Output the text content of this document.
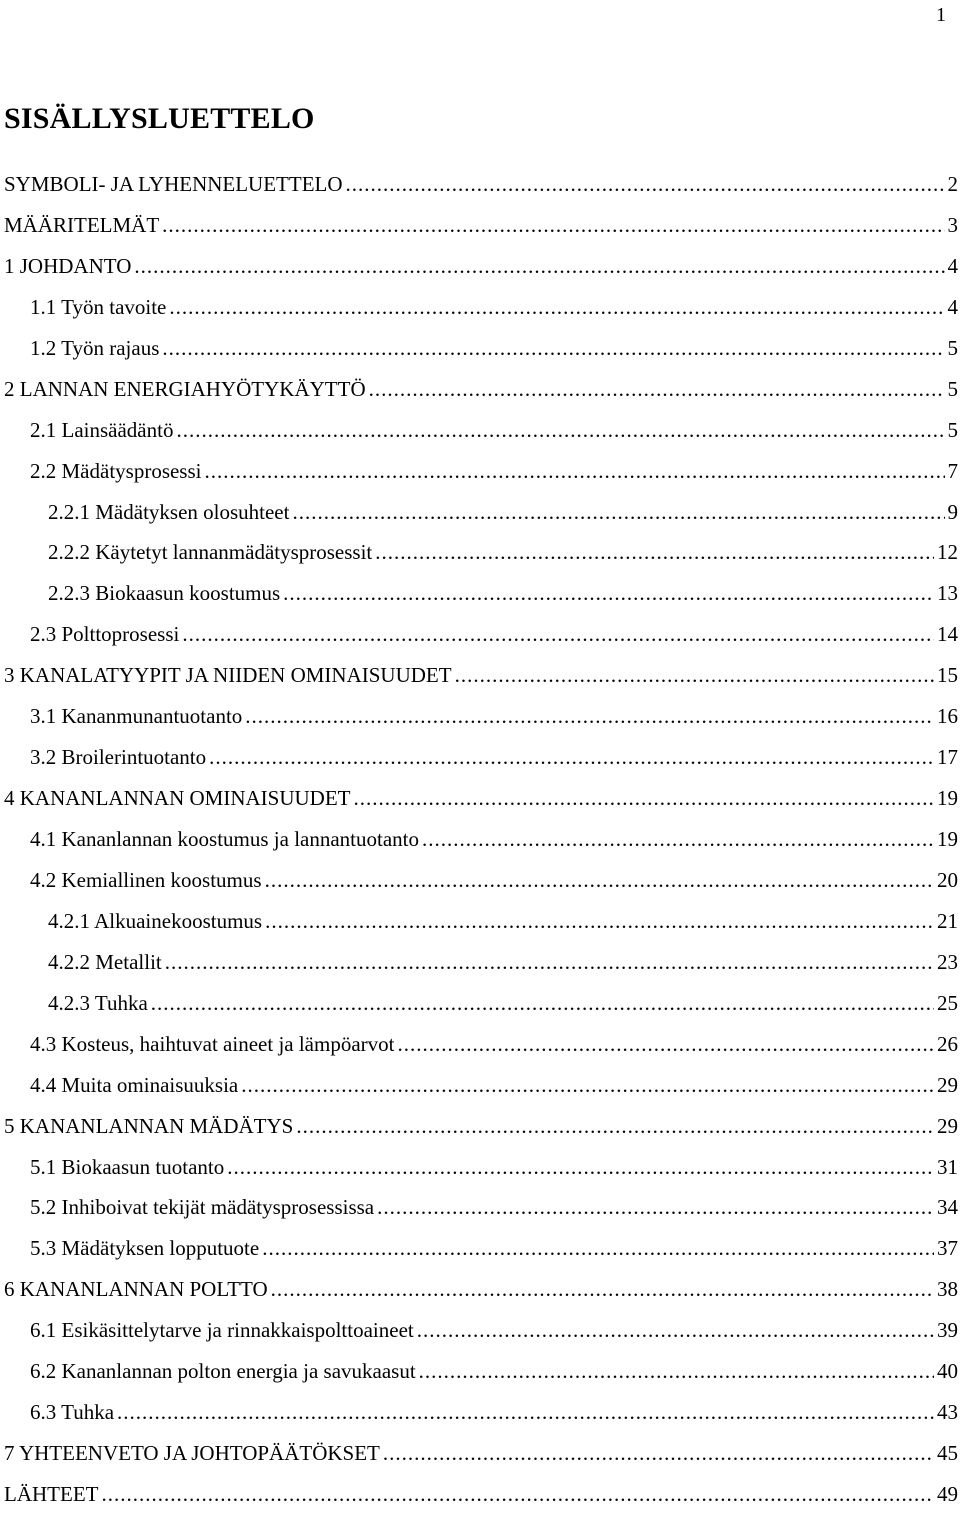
1
SISÄLLYSLUETTELO
SYMBOLI- JA LYHENNELUETTELO .....	2
MÄÄRITELMÄT .....	3
1 JOHDANTO .....	4
1.1 Työn tavoite .....	4
1.2 Työn rajaus .....	5
2 LANNAN ENERGIAHYÖTYKÄYTTÖ .....	5
2.1 Lainsäädäntö .....	5
2.2 Mädätysprosessi .....	7
2.2.1 Mädätyksen olosuhteet .....	9
2.2.2 Käytetyt lannanmädätysprosessit .....	12
2.2.3 Biokaasun koostumus .....	13
2.3 Polttoprosessi .....	14
3 KANALATYYPIT JA NIIDEN OMINAISUUDET .....	15
3.1 Kananmunantuotanto .....	16
3.2 Broilerintuotanto .....	17
4 KANANLANNAN OMINAISUUDET .....	19
4.1 Kananlannan koostumus ja lannantuotanto .....	19
4.2 Kemiallinen koostumus .....	20
4.2.1 Alkuainekoostumus .....	21
4.2.2 Metallit .....	23
4.2.3 Tuhka .....	25
4.3 Kosteus, haihtuvat aineet ja lämpöarvot .....	26
4.4 Muita ominaisuuksia .....	29
5 KANANLANNAN MÄDÄTYS .....	29
5.1 Biokaasun tuotanto .....	31
5.2 Inhiboivat tekijät mädätysprosessissa .....	34
5.3 Mädätyksen lopputuote .....	37
6 KANANLANNAN POLTTO .....	38
6.1 Esikäsittelytarve ja rinnakkaispolttoaineet .....	39
6.2 Kananlannan polton energia ja savukaasut .....	40
6.3 Tuhka .....	43
7 YHTEENVETO JA JOHTOPÄÄTÖKSET .....	45
LÄHTEET .....	49
